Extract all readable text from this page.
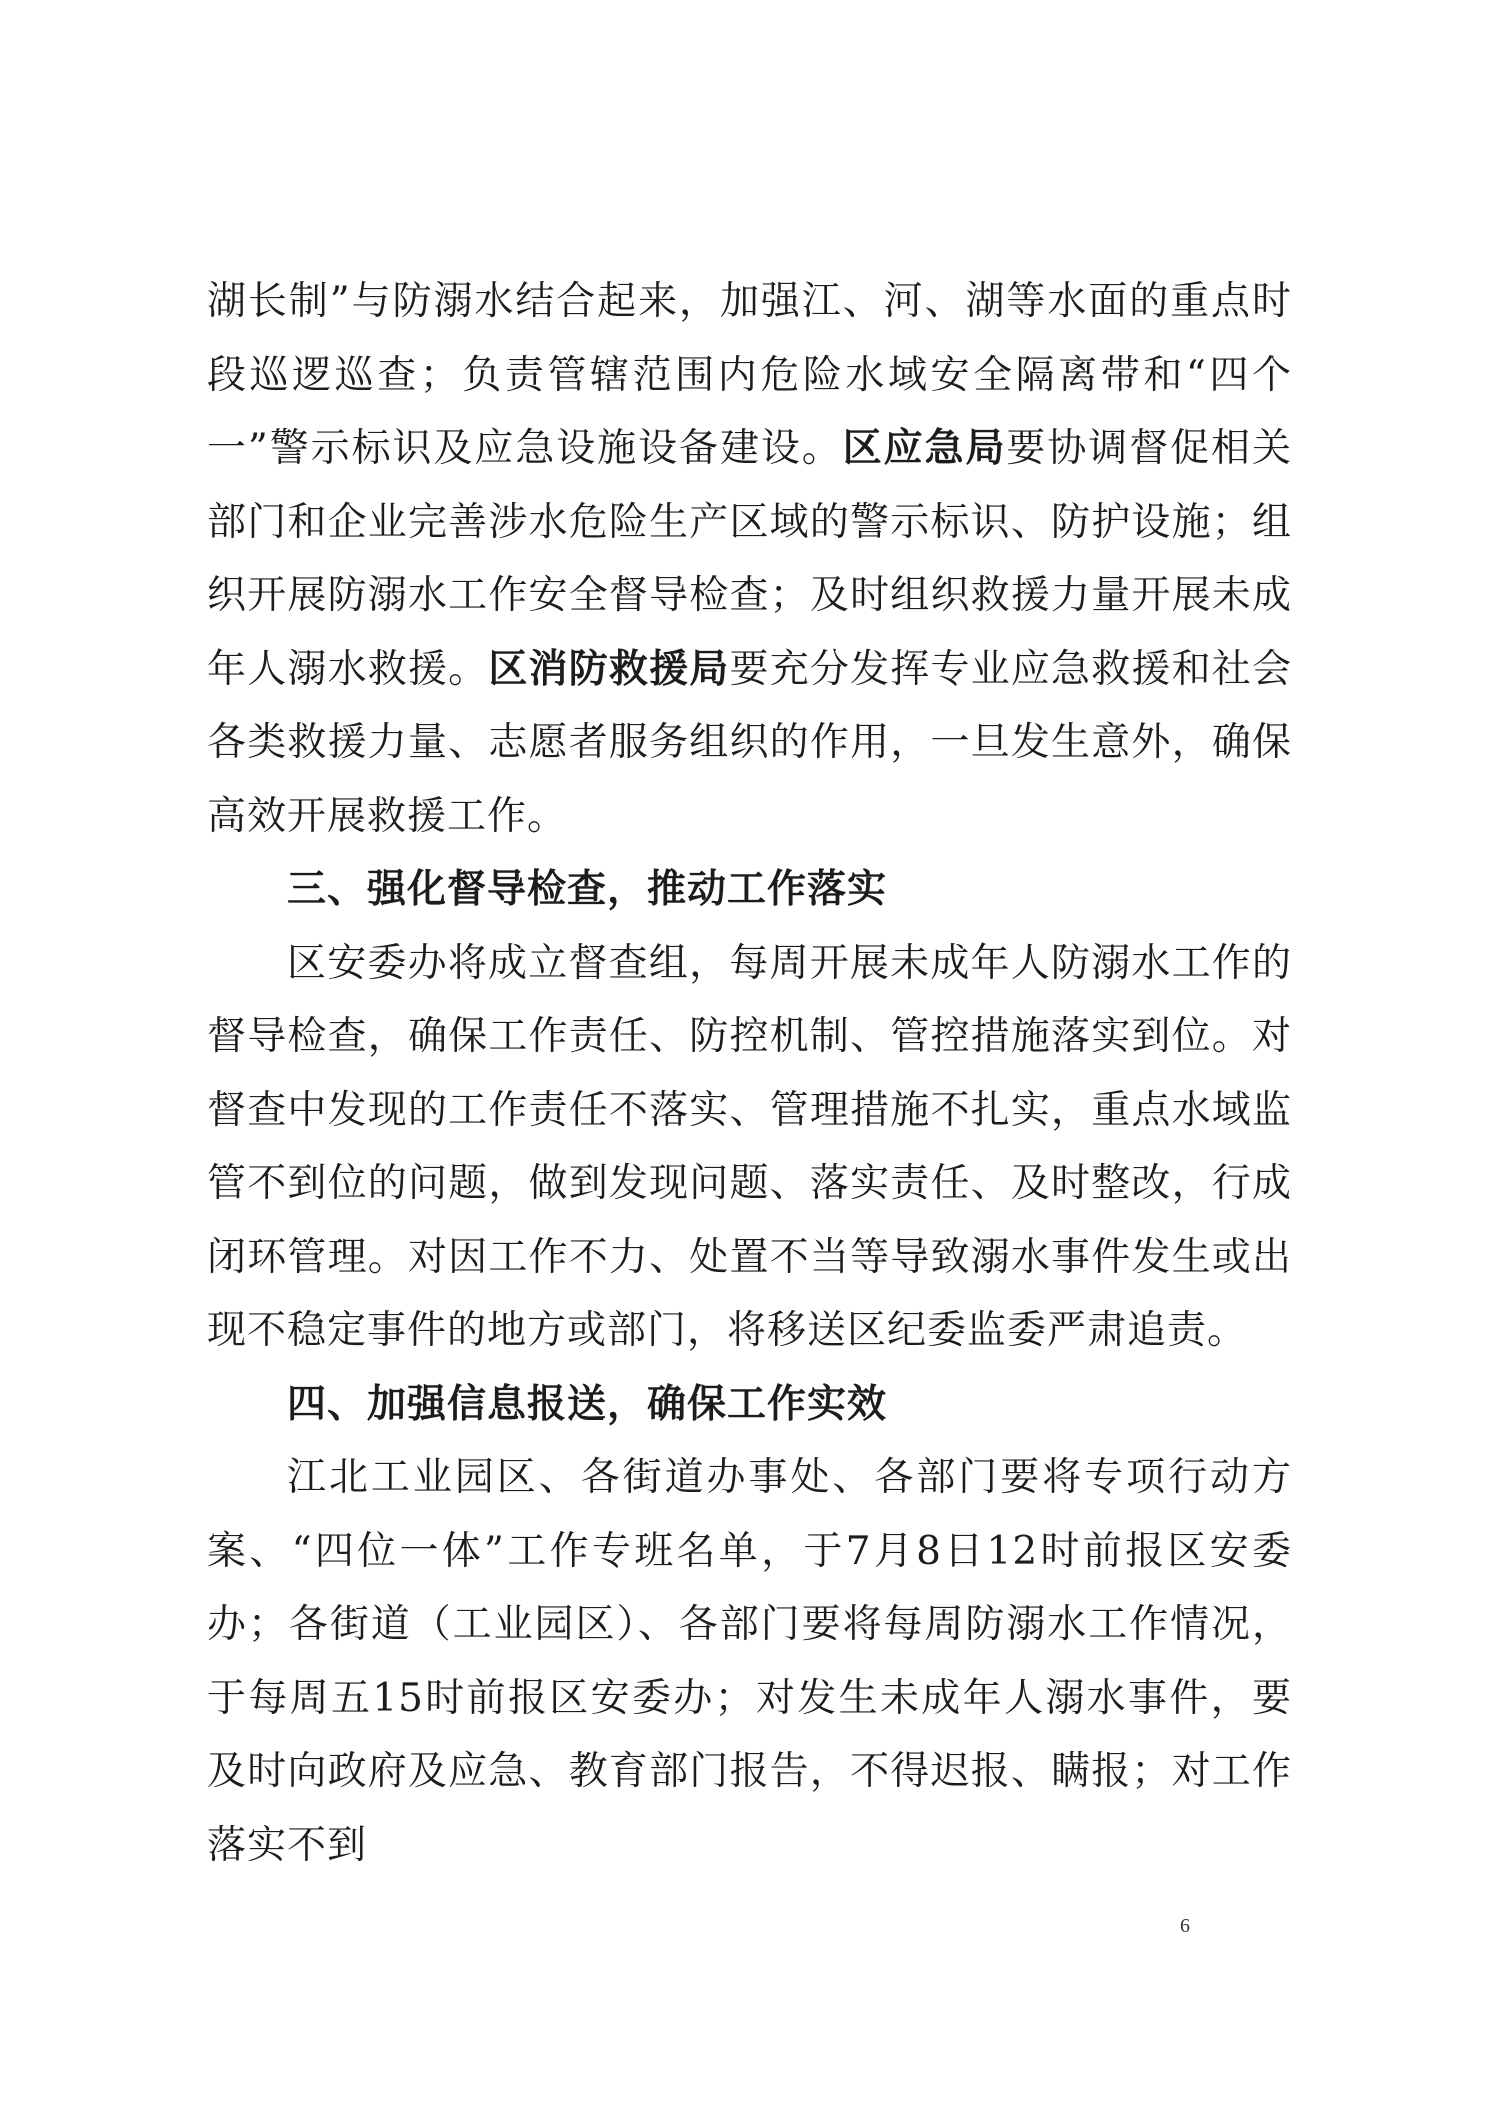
湖长制”与防溺水结合起来，加强江、河、湖等水面的重点时段巡逻巡查；负责管辖范围内危险水域安全隔离带和“四个一”警示标识及应急设施设备建设。区应急局要协调督促相关部门和企业完善涉水危险生产区域的警示标识、防护设施；组织开展防溺水工作安全督导检查；及时组织救援力量开展未成年人溺水救援。区消防救援局要充分发挥专业应急救援和社会各类救援力量、志愿者服务组织的作用，一旦发生意外，确保高效开展救援工作。

三、强化督导检查，推动工作落实

区安委办将成立督查组，每周开展未成年人防溺水工作的督导检查，确保工作责任、防控机制、管控措施落实到位。对督查中发现的工作责任不落实、管理措施不扎实，重点水域监管不到位的问题，做到发现问题、落实责任、及时整改，行成闭环管理。对因工作不力、处置不当等导致溺水事件发生或出现不稳定事件的地方或部门，将移送区纪委监委严肃追责。

四、加强信息报送，确保工作实效

江北工业园区、各街道办事处、各部门要将专项行动方案、“四位一体”工作专班名单，于7月8日12时前报区安委办；各街道（工业园区）、各部门要将每周防溺水工作情况，于每周五15时前报区安委办；对发生未成年人溺水事件，要及时向政府及应急、教育部门报告，不得迟报、瞒报；对工作落实不到

6
